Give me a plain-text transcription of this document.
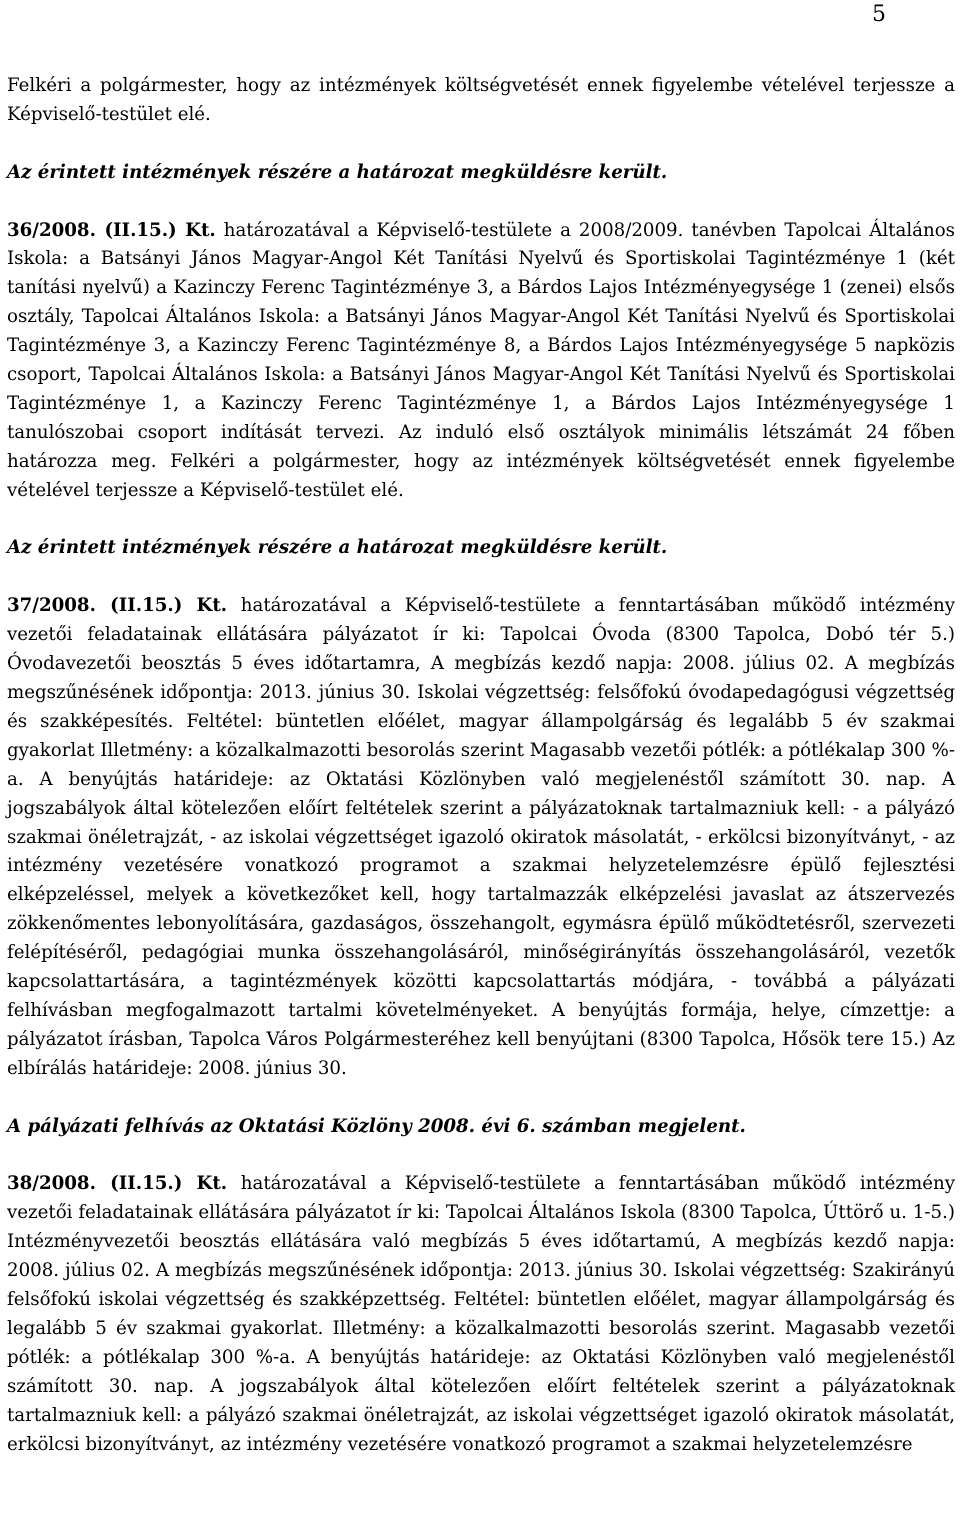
5

Felkéri a polgármester, hogy az intézmények költségvetését ennek figyelembe vételével terjessze a Képviselő-testület elé.

Az érintett intézmények részére a határozat megküldésre került.

36/2008. (II.15.) Kt. határozatával a Képviselő-testülete a 2008/2009. tanévben Tapolcai Általános Iskola: a Batsányi János Magyar-Angol Két Tanítási Nyelvű és Sportiskolai Tagintézménye 1 (két tanítási nyelvű) a Kazinczy Ferenc Tagintézménye 3, a Bárdos Lajos Intézményegysége 1 (zenei) elsős osztály, Tapolcai Általános Iskola: a Batsányi János Magyar-Angol Két Tanítási Nyelvű és Sportiskolai Tagintézménye 3, a Kazinczy Ferenc Tagintézménye 8, a Bárdos Lajos Intézményegysége 5 napközis csoport, Tapolcai Általános Iskola: a Batsányi János Magyar-Angol Két Tanítási Nyelvű és Sportiskolai Tagintézménye 1, a Kazinczy Ferenc Tagintézménye 1, a Bárdos Lajos Intézményegysége 1 tanulószobai csoport indítását tervezi. Az induló első osztályok minimális létszámát 24 főben határozza meg. Felkéri a polgármester, hogy az intézmények költségvetését ennek figyelembe vételével terjessze a Képviselő-testület elé.

Az érintett intézmények részére a határozat megküldésre került.

37/2008. (II.15.) Kt. határozatával a Képviselő-testülete a fenntartásában működő intézmény vezetői feladatainak ellátására pályázatot ír ki: Tapolcai Óvoda (8300 Tapolca, Dobó tér 5.) Óvodavezetői beosztás 5 éves időtartamra, A megbízás kezdő napja: 2008. július 02. A megbízás megszűnésének időpontja: 2013. június 30. Iskolai végzettség: felsőfokú óvodapedagógusi végzettség és szakképesítés. Feltétel: büntetlen előélet, magyar állampolgárság és legalább 5 év szakmai gyakorlat Illetmény: a közalkalmazotti besorolás szerint Magasabb vezetői pótlék: a pótlékalap 300 %-a. A benyújtás határideje: az Oktatási Közlönyben való megjelenéstől számított 30. nap. A jogszabályok által kötelezően előírt feltételek szerint a pályázatoknak tartalmazniuk kell: - a pályázó szakmai önéletrajzát, - az iskolai végzettséget igazoló okiratok másolatát, - erkölcsi bizonyítványt, - az intézmény vezetésére vonatkozó programot a szakmai helyzetelemzésre épülő fejlesztési elképzeléssel, melyek a következőket kell, hogy tartalmazzák elképzelési javaslat az átszervezés zökkenőmentes lebonyolítására, gazdaságos, összehangolt, egymásra épülő működtetésről, szervezeti felépítéséről, pedagógiai munka összehangolásáról, minőségirányítás összehangolásáról, vezetők kapcsolattartására, a tagintézmények közötti kapcsolattartás módjára, - továbbá a pályázati felhívásban megfogalmazott tartalmi követelményeket. A benyújtás formája, helye, címzettje: a pályázatot írásban, Tapolca Város Polgármesteréhez kell benyújtani (8300 Tapolca, Hősök tere 15.) Az elbírálás határideje: 2008. június 30.

A pályázati felhívás az Oktatási Közlöny 2008. évi 6. számban megjelent.

38/2008. (II.15.) Kt. határozatával a Képviselő-testülete a fenntartásában működő intézmény vezetői feladatainak ellátására pályázatot ír ki: Tapolcai Általános Iskola (8300 Tapolca, Úttörő u. 1-5.) Intézményvezetői beosztás ellátására való megbízás 5 éves időtartamú, A megbízás kezdő napja: 2008. július 02. A megbízás megszűnésének időpontja: 2013. június 30. Iskolai végzettség: Szakirányú felsőfokú iskolai végzettség és szakképzettség. Feltétel: büntetlen előélet, magyar állampolgárság és legalább 5 év szakmai gyakorlat. Illetmény: a közalkalmazotti besorolás szerint. Magasabb vezetői pótlék: a pótlékalap 300 %-a. A benyújtás határideje: az Oktatási Közlönyben való megjelenéstől számított 30. nap. A jogszabályok által kötelezően előírt feltételek szerint a pályázatoknak tartalmazniuk kell: a pályázó szakmai önéletrajzát, az iskolai végzettséget igazoló okiratok másolatát, erkölcsi bizonyítványt, az intézmény vezetésére vonatkozó programot a szakmai helyzetelemzésre
